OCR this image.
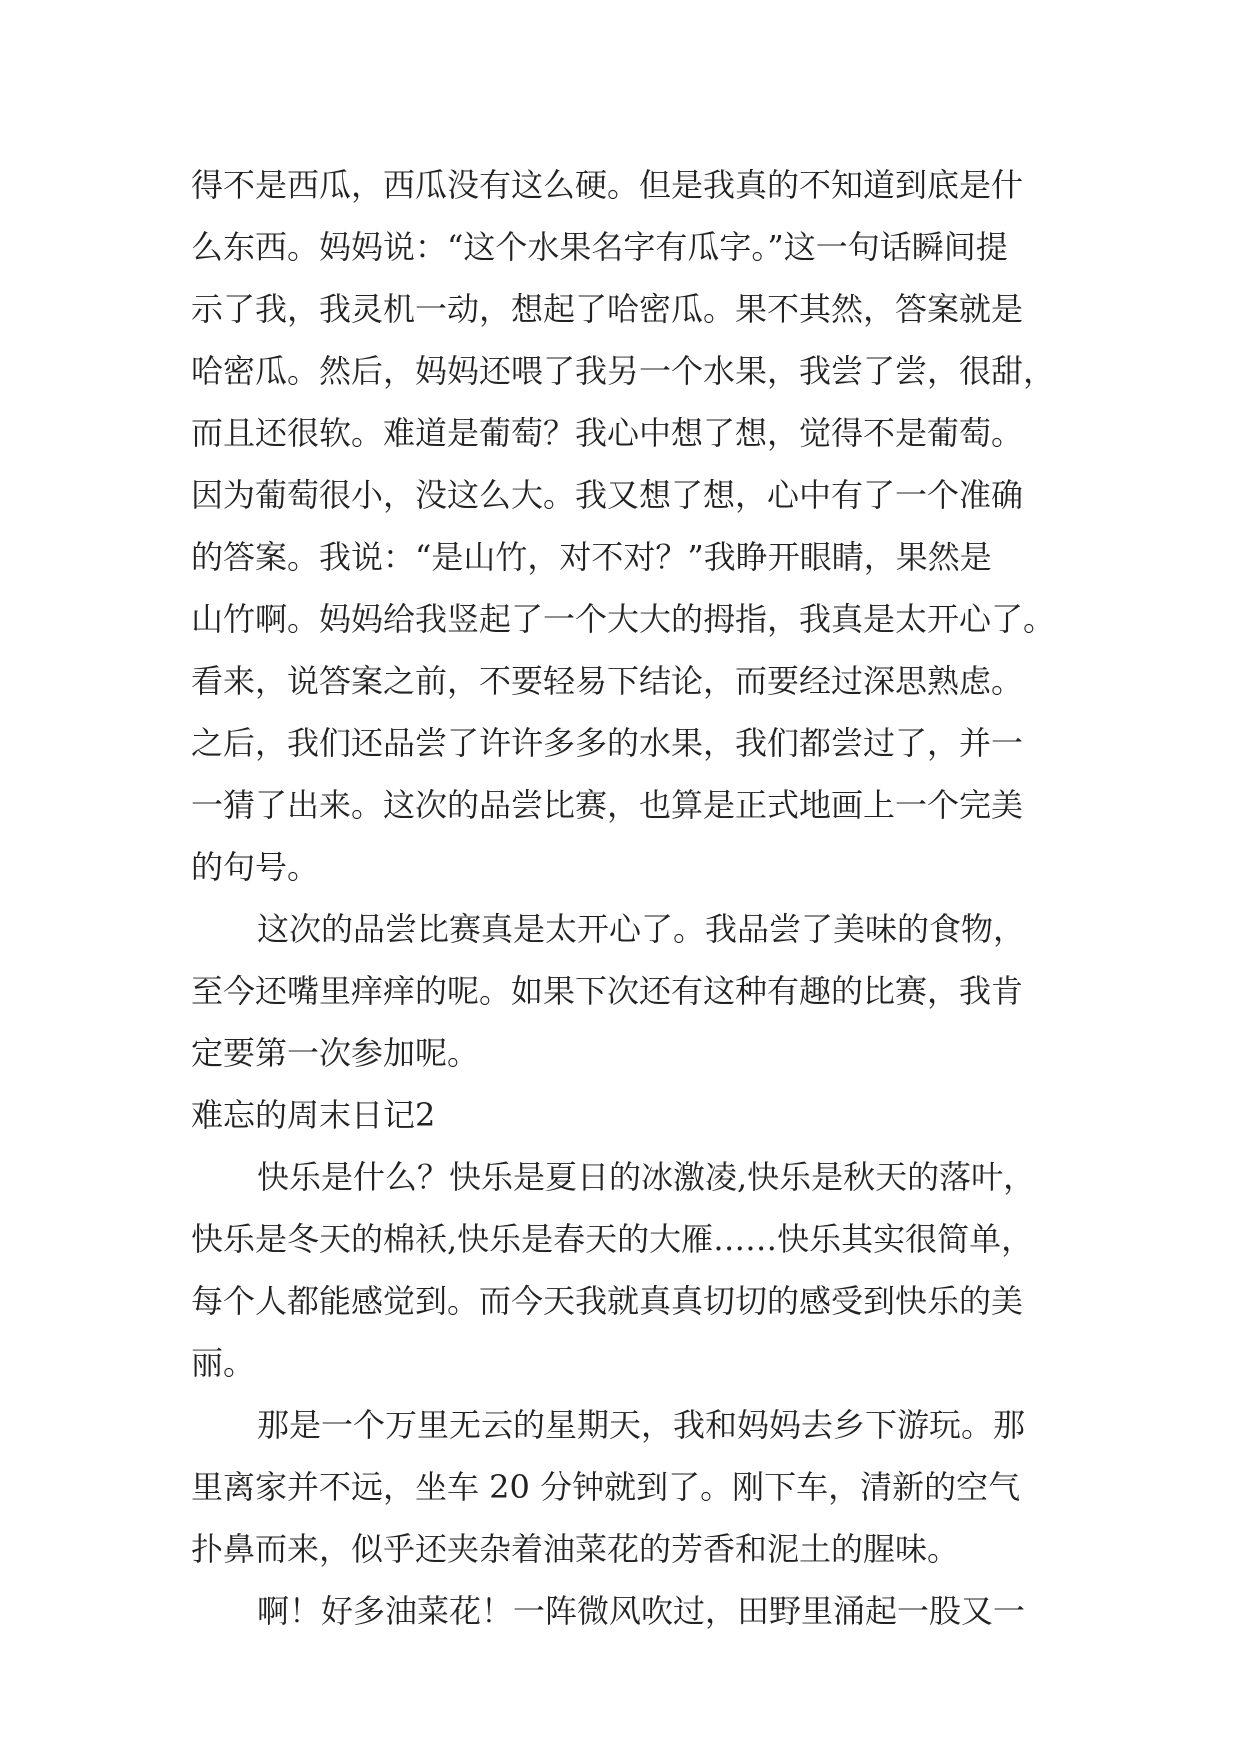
得不是西瓜，西瓜没有这么硬。但是我真的不知道到底是什
么东西。妈妈说：“这个水果名字有瓜字。”这一句话瞬间提
示了我，我灵机一动，想起了哈密瓜。果不其然，答案就是
哈密瓜。然后，妈妈还喂了我另一个水果，我尝了尝，很甜，
而且还很软。难道是葡萄？我心中想了想，觉得不是葡萄。
因为葡萄很小，没这么大。我又想了想，心中有了一个准确
的答案。我说：“是山竹，对不对？”我睁开眼睛，果然是
山竹啊。妈妈给我竖起了一个大大的拇指，我真是太开心了。
看来，说答案之前，不要轻易下结论，而要经过深思熟虑。
之后，我们还品尝了许许多多的水果，我们都尝过了，并一
一猜了出来。这次的品尝比赛，也算是正式地画上一个完美
的句号。
这次的品尝比赛真是太开心了。我品尝了美味的食物，
至今还嘴里痒痒的呢。如果下次还有这种有趣的比赛，我肯
定要第一次参加呢。
难忘的周末日记2
快乐是什么？快乐是夏日的冰激凌,快乐是秋天的落叶，
快乐是冬天的棉袄,快乐是春天的大雁……快乐其实很简单，
每个人都能感觉到。而今天我就真真切切的感受到快乐的美
丽。
那是一个万里无云的星期天，我和妈妈去乡下游玩。那
里离家并不远，坐车 20 分钟就到了。刚下车，清新的空气
扑鼻而来，似乎还夹杂着油菜花的芳香和泥土的腥味。
啊！好多油菜花！一阵微风吹过，田野里涌起一股又一
